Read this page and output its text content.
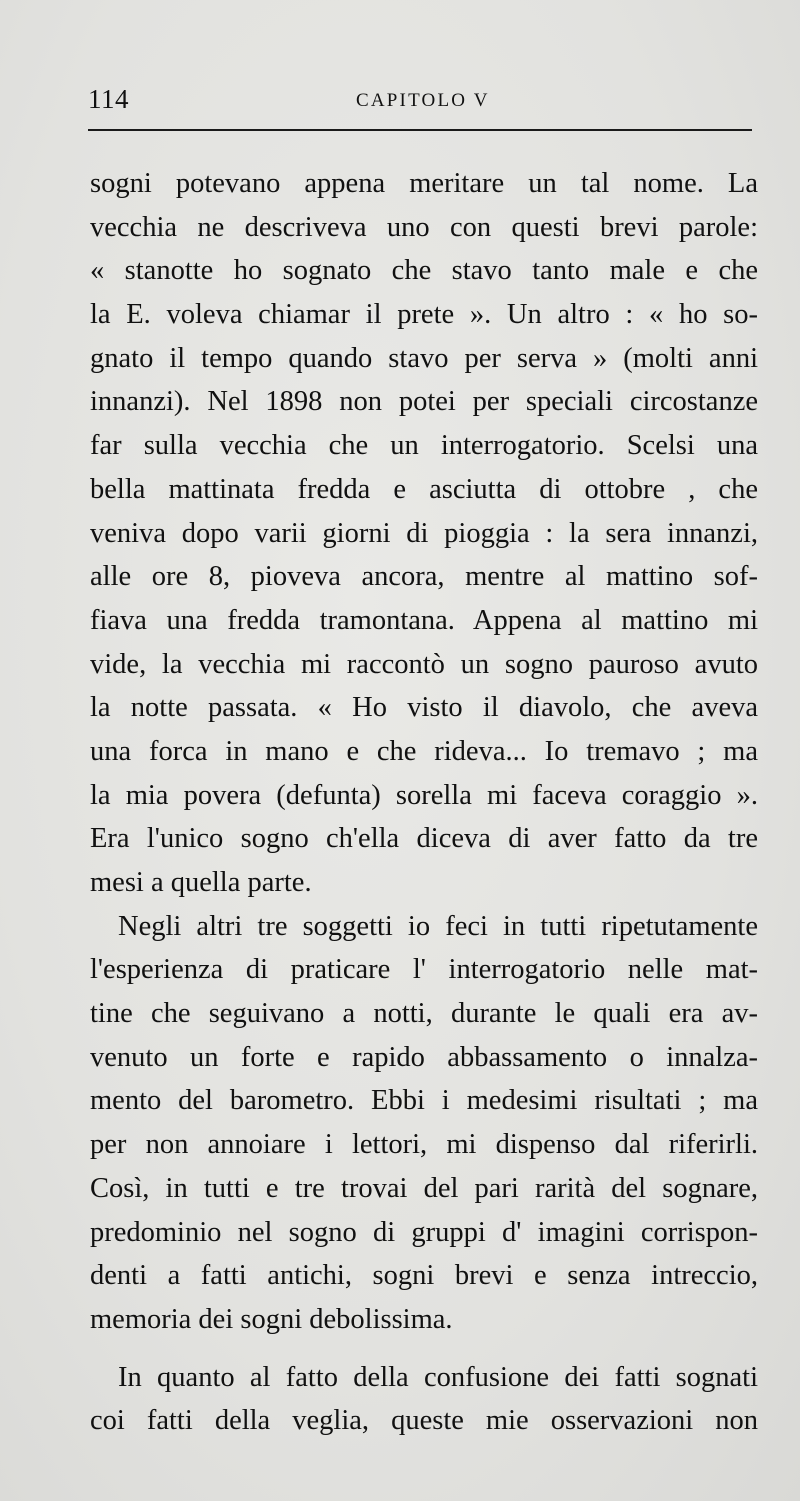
114	CAPITOLO V
sogni potevano appena meritare un tal nome. La
vecchia ne descriveva uno con questi brevi parole:
« stanotte ho sognato che stavo tanto male e che
la E. voleva chiamar il prete ». Un altro : « ho so-
gnato il tempo quando stavo per serva » (molti anni
innanzi). Nel 1898 non potei per speciali circostanze
far sulla vecchia che un interrogatorio. Scelsi una
bella mattinata fredda e asciutta di ottobre , che
veniva dopo varii giorni di pioggia : la sera innanzi,
alle ore 8, pioveva ancora, mentre al mattino sof-
fiava una fredda tramontana. Appena al mattino mi
vide, la vecchia mi raccontò un sogno pauroso avuto
la notte passata. « Ho visto il diavolo, che aveva
una forca in mano e che rideva... Io tremavo ; ma
la mia povera (defunta) sorella mi faceva coraggio ».
Era l'unico sogno ch'ella diceva di aver fatto da tre
mesi a quella parte.
Negli altri tre soggetti io feci in tutti ripetutamente
l'esperienza di praticare l' interrogatorio nelle mat-
tine che seguivano a notti, durante le quali era av-
venuto un forte e rapido abbassamento o innalza-
mento del barometro. Ebbi i medesimi risultati ; ma
per non annoiare i lettori, mi dispenso dal riferirli.
Così, in tutti e tre trovai del pari rarità del sognare,
predominio nel sogno di gruppi d' imagini corrispon-
denti a fatti antichi, sogni brevi e senza intreccio,
memoria dei sogni debolissima.
In quanto al fatto della confusione dei fatti sognati
coi fatti della veglia, queste mie osservazioni non
